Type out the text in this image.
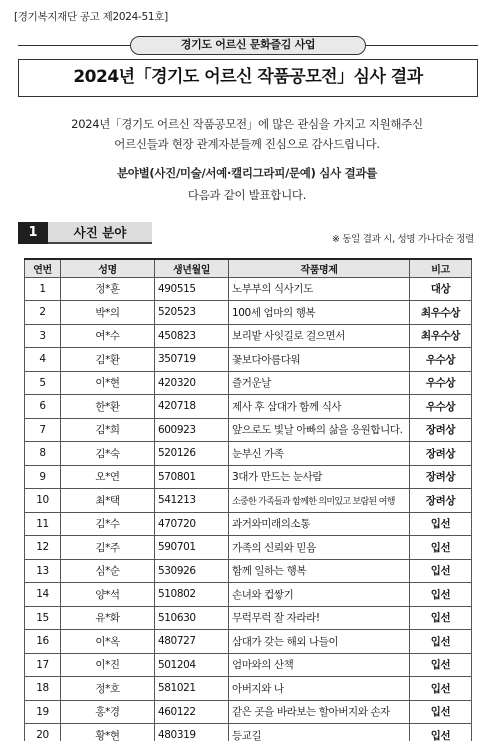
[경기복지재단 공고 제2024-51호]
경기도 어르신 문화즐김 사업
2024년「경기도 어르신 작품공모전」심사 결과
2024년「경기도 어르신 작품공모전」에 많은 관심을 가지고 지원해주신
어르신들과 현장 관계자분들께 진심으로 감사드립니다.
분야별(사진/미술/서예·캘리그라피/문예) 심사 결과를
다음과 같이 발표합니다.
1	사진 분야	※ 동일 결과 시, 성명 가나다순 정렬
연번	성명	생년월일	작품명제	비고
1	정*훈	490515	노부부의 식사기도	대상
2	박*의	520523	100세 엄마의 행복	최우수상
3	여*수	450823	보리밭 사잇길로 걸으면서	최우수상
4	김*환	350719	꽃보다아름다워	우수상
5	이*현	420320	즐거운날	우수상
6	한*환	420718	제사 후 삼대가 함께 식사	우수상
7	김*희	600923	앞으로도 빛날 아빠의 삶을 응원합니다.	장려상
8	김*숙	520126	눈부신 가족	장려상
9	오*연	570801	3대가 만드는 눈사람	장려상
10	최*택	541213	소중한 가족들과 함께한 의미있고 보람된 여행	장려상
11	김*수	470720	과거와미래의소통	입선
12	김*주	590701	가족의 신뢰와 믿음	입선
13	심*순	530926	함께 일하는 행복	입선
14	양*석	510802	손녀와 컵쌓기	입선
15	유*화	510630	무럭무럭 잘 자라라!	입선
16	이*옥	480727	삼대가 갖는 해외 나들이	입선
17	이*진	501204	엄마와의 산책	입선
18	정*호	581021	아버지와 나	입선
19	홍*경	460122	같은 곳을 바라보는 할아버지와 손자	입선
20	황*현	480319	등교길	입선
